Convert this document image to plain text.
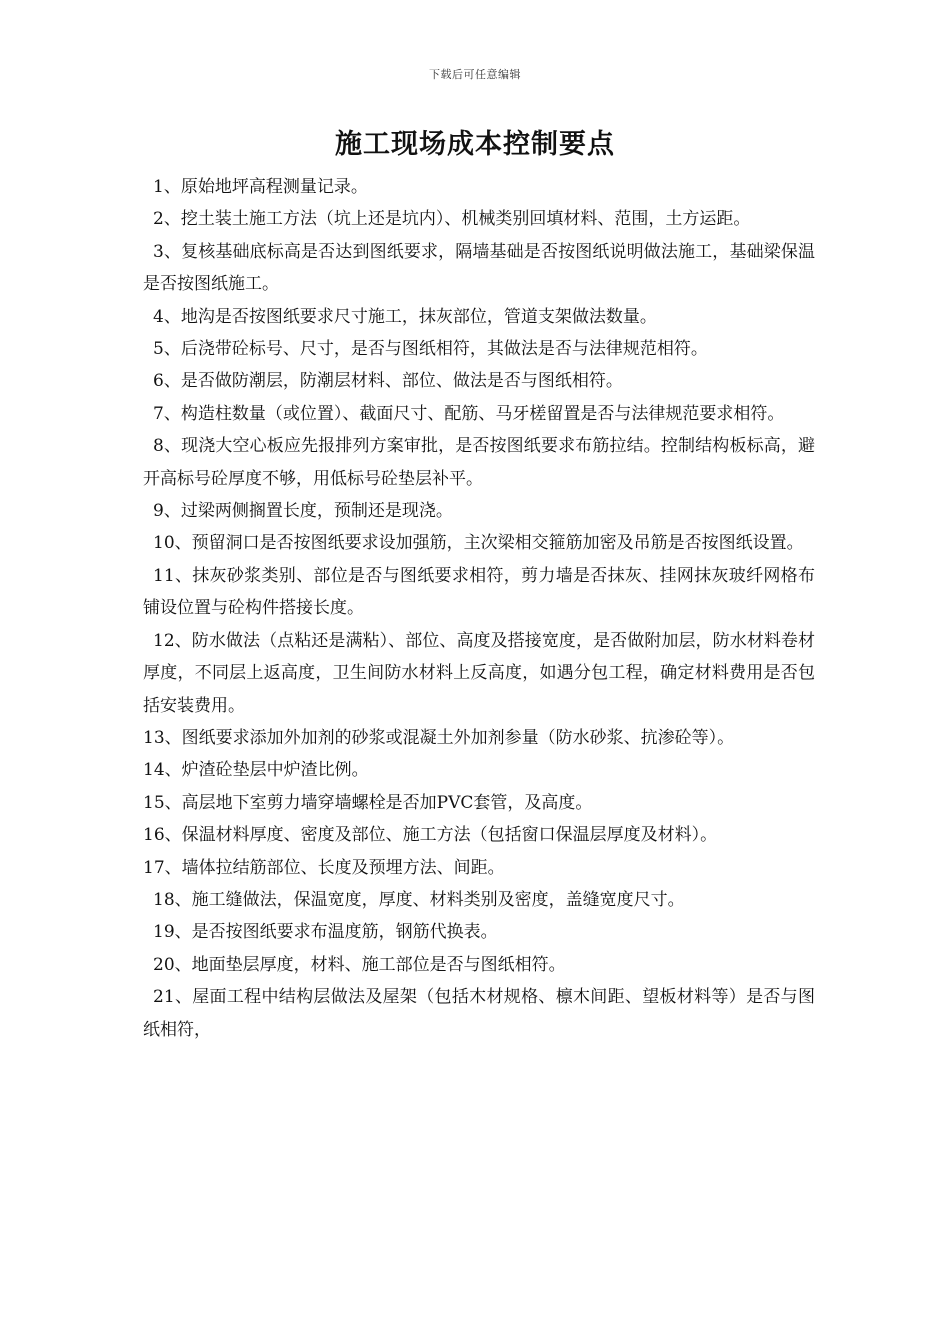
下载后可任意编辑
施工现场成本控制要点
1、原始地坪高程测量记录。
2、挖土装土施工方法（坑上还是坑内）、机械类别回填材料、范围，土方运距。
3、复核基础底标高是否达到图纸要求，隔墙基础是否按图纸说明做法施工，基础梁保温是否按图纸施工。
4、地沟是否按图纸要求尺寸施工，抹灰部位，管道支架做法数量。
5、后浇带砼标号、尺寸，是否与图纸相符，其做法是否与法律规范相符。
6、是否做防潮层，防潮层材料、部位、做法是否与图纸相符。
7、构造柱数量（或位置）、截面尺寸、配筋、马牙槎留置是否与法律规范要求相符。
8、现浇大空心板应先报排列方案审批，是否按图纸要求布筋拉结。控制结构板标高，避开高标号砼厚度不够，用低标号砼垫层补平。
9、过梁两侧搁置长度，预制还是现浇。
10、预留洞口是否按图纸要求设加强筋，主次梁相交箍筋加密及吊筋是否按图纸设置。
11、抹灰砂浆类别、部位是否与图纸要求相符，剪力墙是否抹灰、挂网抹灰玻纤网格布铺设位置与砼构件搭接长度。
12、防水做法（点粘还是满粘）、部位、高度及搭接宽度，是否做附加层，防水材料卷材厚度，不同层上返高度，卫生间防水材料上反高度，如遇分包工程，确定材料费用是否包括安装费用。
13、图纸要求添加外加剂的砂浆或混凝土外加剂参量（防水砂浆、抗渗砼等）。
14、炉渣砼垫层中炉渣比例。
15、高层地下室剪力墙穿墙螺栓是否加PVC套管，及高度。
16、保温材料厚度、密度及部位、施工方法（包括窗口保温层厚度及材料）。
17、墙体拉结筋部位、长度及预埋方法、间距。
18、施工缝做法，保温宽度，厚度、材料类别及密度，盖缝宽度尺寸。
19、是否按图纸要求布温度筋，钢筋代换表。
20、地面垫层厚度，材料、施工部位是否与图纸相符。
21、屋面工程中结构层做法及屋架（包括木材规格、檩木间距、望板材料等）是否与图纸相符，
